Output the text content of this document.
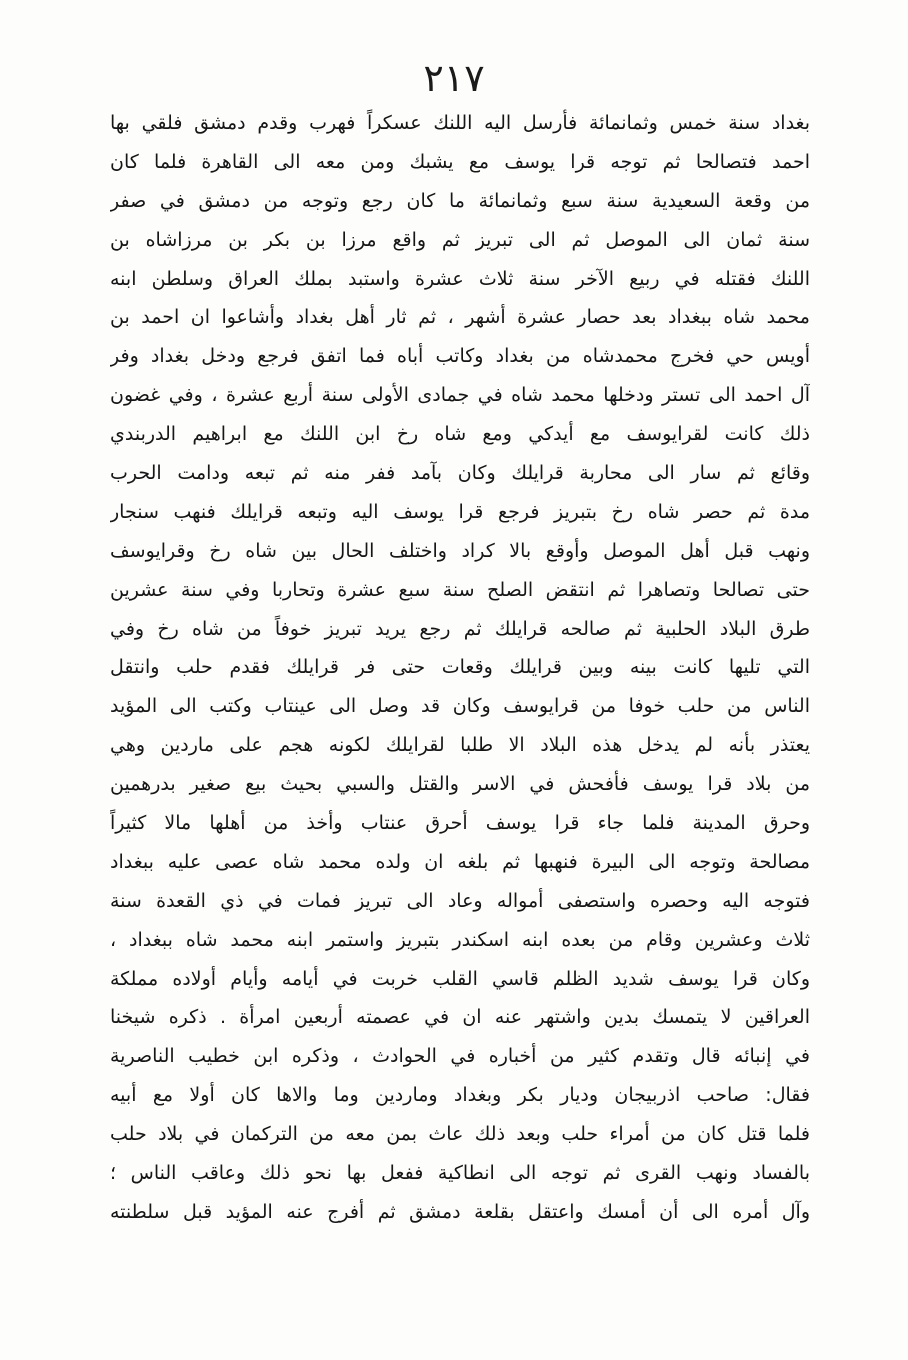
٢١٧
بغداد سنة خمس وثمانمائة فأرسل اليه اللنك عسكراً فهرب وقدم دمشق فلقي بها
احمد فتصالحا ثم توجه قرا يوسف مع يشبك ومن معه الى القاهرة فلما كان
من وقعة السعيدية سنة سبع وثمانمائة ما كان رجع وتوجه من دمشق في صفر
سنة ثمان الى الموصل ثم الى تبريز ثم واقع مرزا بن بكر بن مرزاشاه بن
اللنك فقتله في ربيع الآخر سنة ثلاث عشرة واستبد بملك العراق وسلطن ابنه
محمد شاه ببغداد بعد حصار عشرة أشهر ، ثم ثار أهل بغداد وأشاعوا ان احمد بن
أويس حي فخرج محمدشاه من بغداد وكاتب أباه فما اتفق فرجع ودخل بغداد وفر
آل احمد الى تستر ودخلها محمد شاه في جمادى الأولى سنة أربع عشرة ، وفي غضون
ذلك كانت لقرايوسف مع أيدكي ومع شاه رخ ابن اللنك مع ابراهيم الدربندي
وقائع ثم سار الى محاربة قرايلك وكان بآمد ففر منه ثم تبعه ودامت الحرب
مدة ثم حصر شاه رخ بتبريز فرجع قرا يوسف اليه وتبعه قرايلك فنهب سنجار
ونهب قبل أهل الموصل وأوقع بالا كراد واختلف الحال بين شاه رخ وقرايوسف
حتى تصالحا وتصاهرا ثم انتقض الصلح سنة سبع عشرة وتحاربا وفي سنة عشرين
طرق البلاد الحلبية ثم صالحه قرايلك ثم رجع يريد تبريز خوفاً من شاه رخ وفي
التي تليها كانت بينه وبين قرايلك وقعات حتى فر قرايلك فقدم حلب وانتقل
الناس من حلب خوفا من قرايوسف وكان قد وصل الى عينتاب وكتب الى المؤيد
يعتذر بأنه لم يدخل هذه البلاد الا طلبا لقرايلك لكونه هجم على ماردين وهي
من بلاد قرا يوسف فأفحش في الاسر والقتل والسبي بحيث بيع صغير بدرهمين
وحرق المدينة فلما جاء قرا يوسف أحرق عنتاب وأخذ من أهلها مالا كثيراً
مصالحة وتوجه الى البيرة فنهبها ثم بلغه ان ولده محمد شاه عصى عليه ببغداد
فتوجه اليه وحصره واستصفى أمواله وعاد الى تبريز فمات في ذي القعدة سنة
ثلاث وعشرين وقام من بعده ابنه اسكندر بتبريز واستمر ابنه محمد شاه ببغداد ،
وكان قرا يوسف شديد الظلم قاسي القلب خربت في أيامه وأيام أولاده مملكة
العراقين لا يتمسك بدين واشتهر عنه ان في عصمته أربعين امرأة . ذكره شيخنا
في إنبائه قال وتقدم كثير من أخباره في الحوادث ، وذكره ابن خطيب الناصرية
فقال: صاحب اذربيجان وديار بكر وبغداد وماردين وما والاها كان أولا مع أبيه
فلما قتل كان من أمراء حلب وبعد ذلك عاث بمن معه من التركمان في بلاد حلب
بالفساد ونهب القرى ثم توجه الى انطاكية ففعل بها نحو ذلك وعاقب الناس ؛
وآل أمره الى أن أمسك واعتقل بقلعة دمشق ثم أفرج عنه المؤيد قبل سلطنته
